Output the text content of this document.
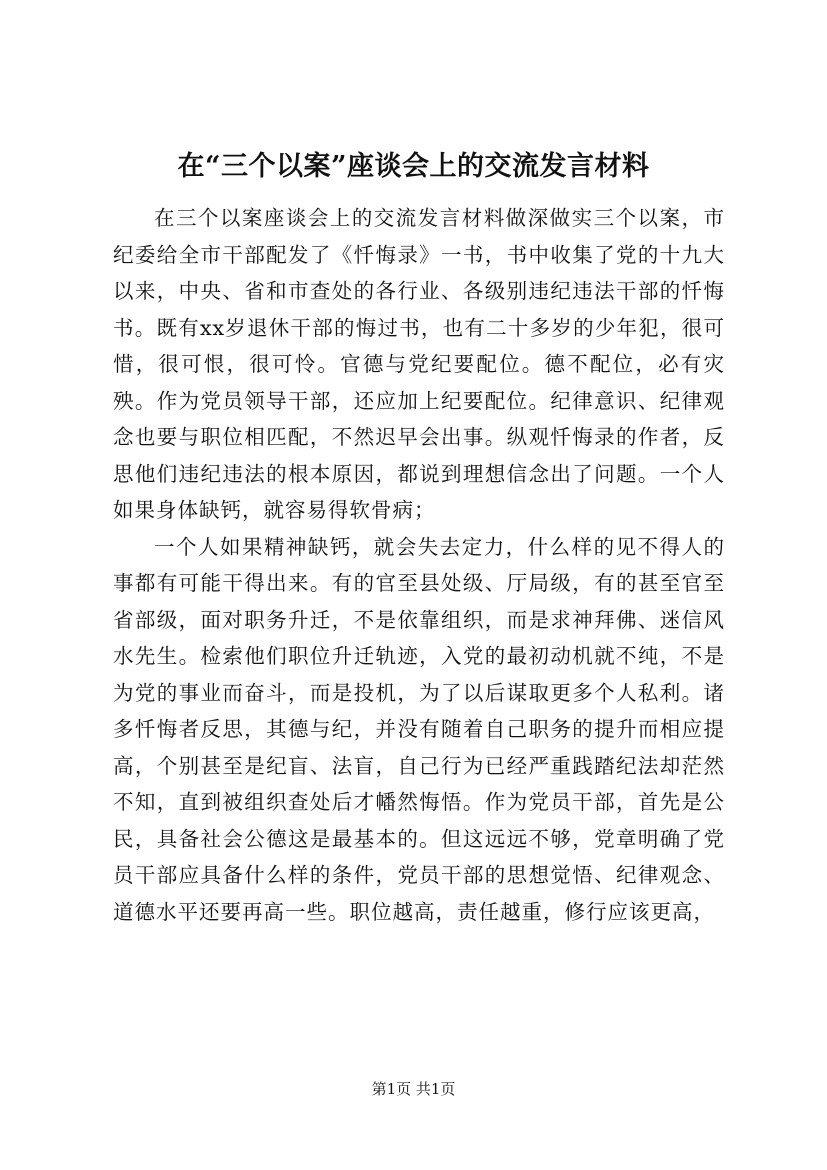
在“三个以案”座谈会上的交流发言材料

在三个以案座谈会上的交流发言材料做深做实三个以案，市纪委给全市干部配发了《忏悔录》一书，书中收集了党的十九大以来，中央、省和市查处的各行业、各级别违纪违法干部的忏悔书。既有xx岁退休干部的悔过书，也有二十多岁的少年犯，很可惜，很可恨，很可怜。官德与党纪要配位。德不配位，必有灾殃。作为党员领导干部，还应加上纪要配位。纪律意识、纪律观念也要与职位相匹配，不然迟早会出事。纵观忏悔录的作者，反思他们违纪违法的根本原因，都说到理想信念出了问题。一个人如果身体缺钙，就容易得软骨病；

一个人如果精神缺钙，就会失去定力，什么样的见不得人的事都有可能干得出来。有的官至县处级、厅局级，有的甚至官至省部级，面对职务升迁，不是依靠组织，而是求神拜佛、迷信风水先生。检索他们职位升迁轨迹，入党的最初动机就不纯，不是为党的事业而奋斗，而是投机，为了以后谋取更多个人私利。诸多忏悔者反思，其德与纪，并没有随着自己职务的提升而相应提高，个别甚至是纪盲、法盲，自己行为已经严重践踏纪法却茫然不知，直到被组织查处后才幡然悔悟。作为党员干部，首先是公民，具备社会公德这是最基本的。但这远远不够，党章明确了党员干部应具备什么样的条件，党员干部的思想觉悟、纪律观念、道德水平还要再高一些。职位越高，责任越重，修行应该更高，

第1页 共1页
